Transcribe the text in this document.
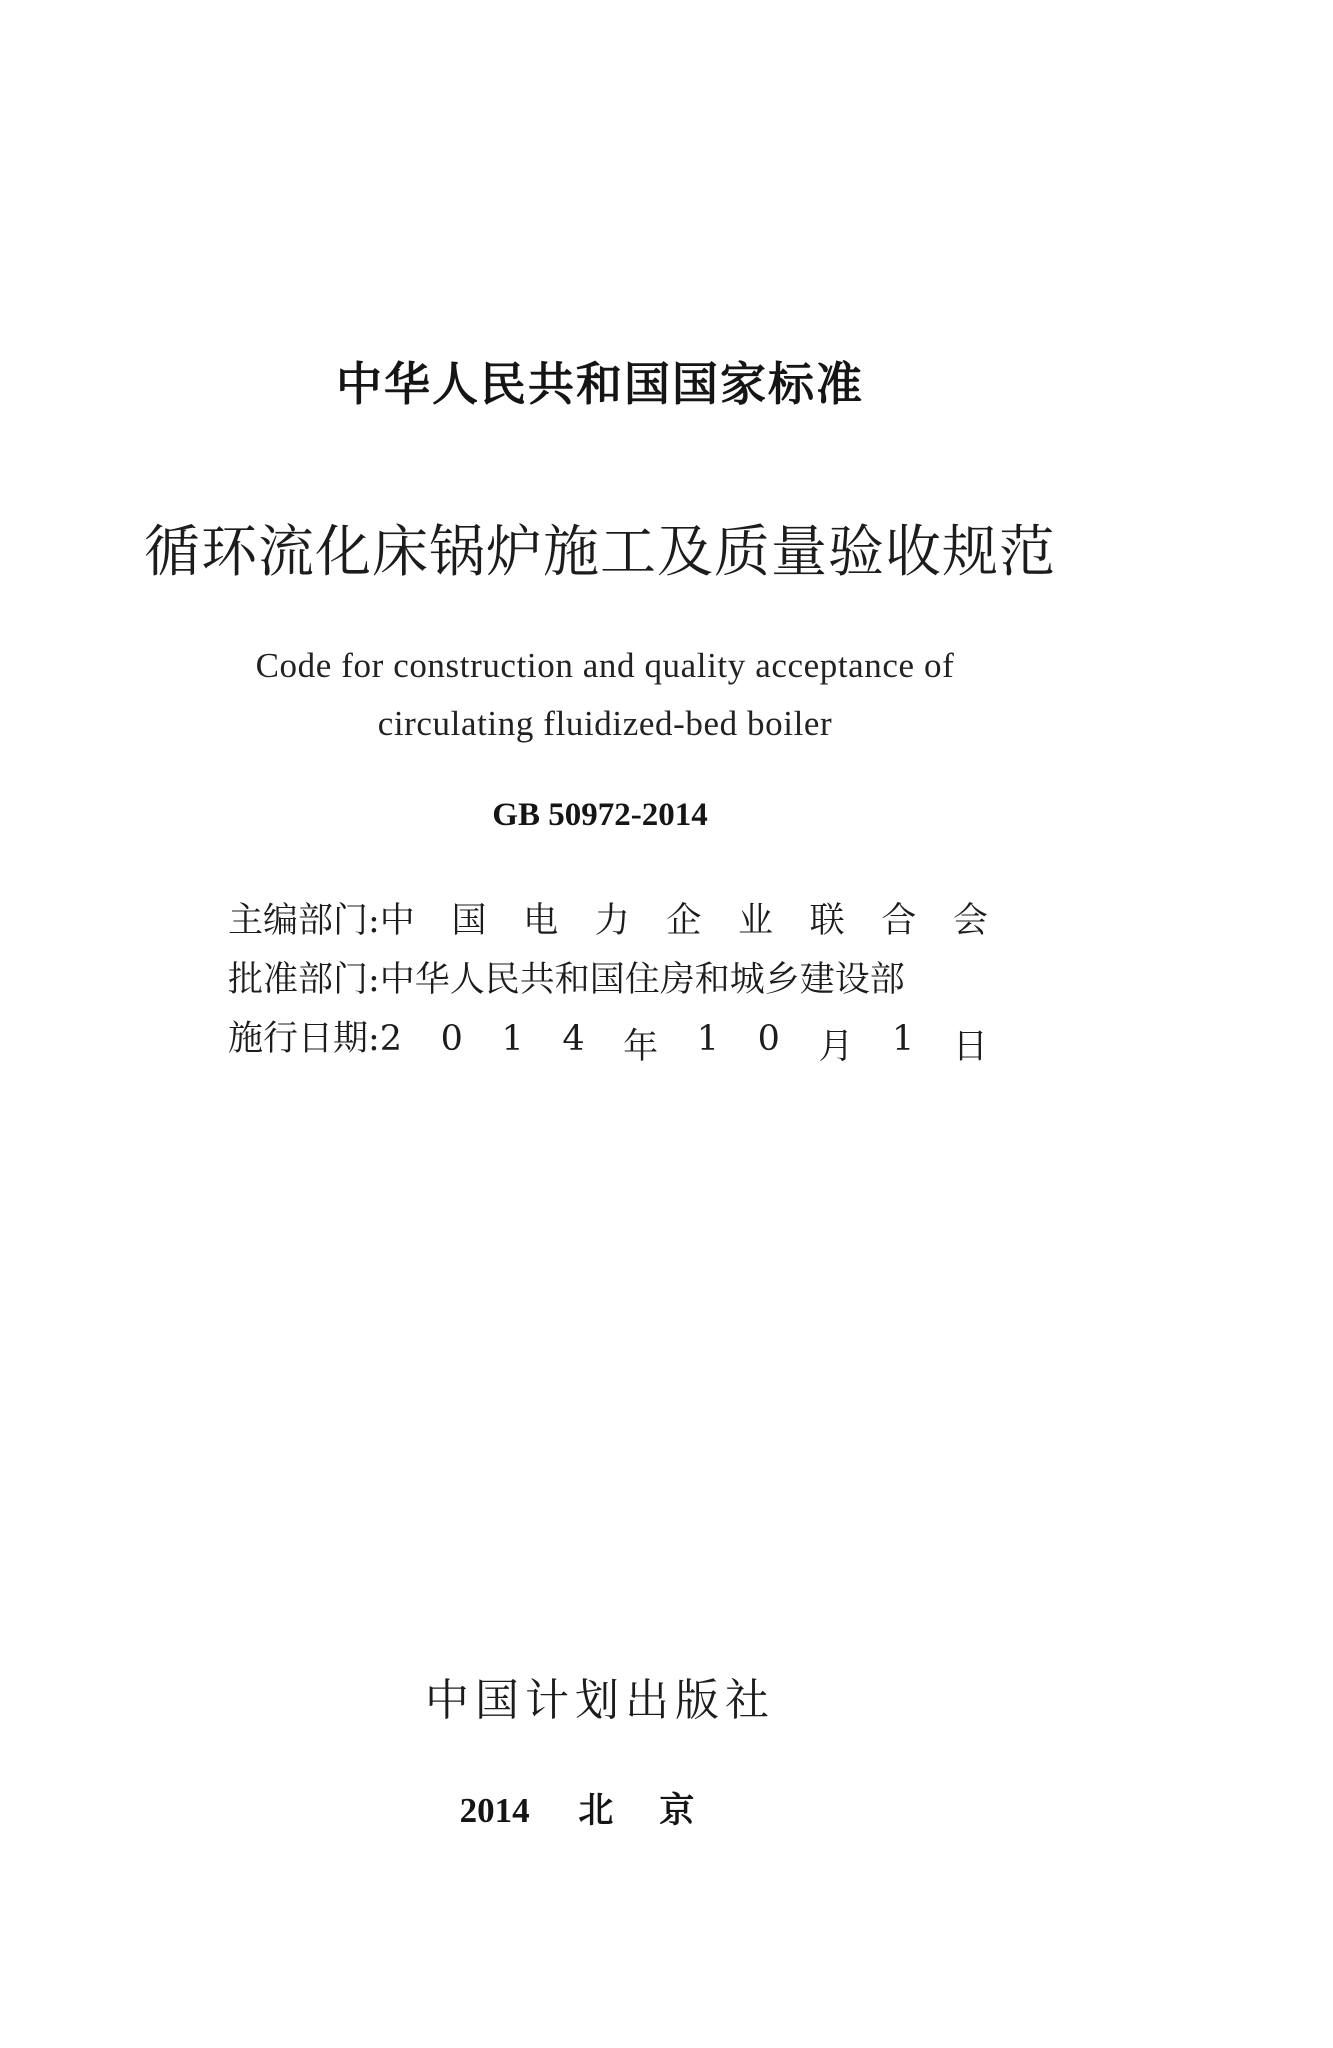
中华人民共和国国家标准
循环流化床锅炉施工及质量验收规范
Code for construction and quality acceptance of
circulating fluidized-bed boiler
GB 50972-2014
主编部门: 中 国 电 力 企 业 联 合 会
批准部门: 中华人民共和国住房和城乡建设部
施行日期: 2 0 1 4 年 1 0 月 1 日
中国计划出版社
2014 北京
